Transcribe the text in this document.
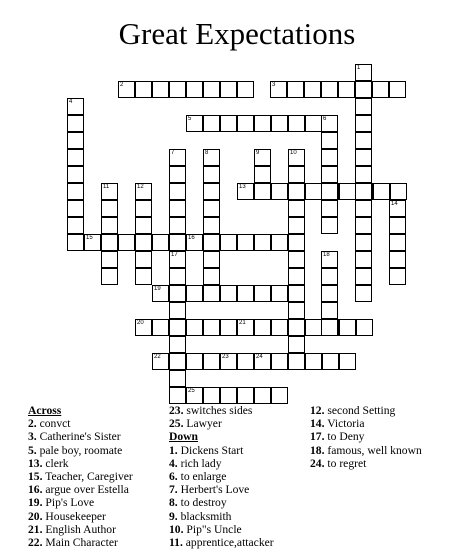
Great Expectations
2	3
5
13
15	16
19
20	21
22	23	24
25
1
4
6
7
17
8	9	10
11	12
14
18
Across
2. convct
3. Catherine's Sister
5. pale boy, roomate
13. clerk
15. Teacher, Caregiver
16. argue over Estella
19. Pip's Love
20. Housekeeper
21. English Author
22. Main Character
23. switches sides
25. Lawyer
Down
1. Dickens Start
4. rich lady
6. to enlarge
7. Herbert's Love
8. to destroy
9. blacksmith
10. Pip"s Uncle
11. apprentice,attacker
12. second Setting
14. Victoria
17. to Deny
18. famous, well known
24. to regret
